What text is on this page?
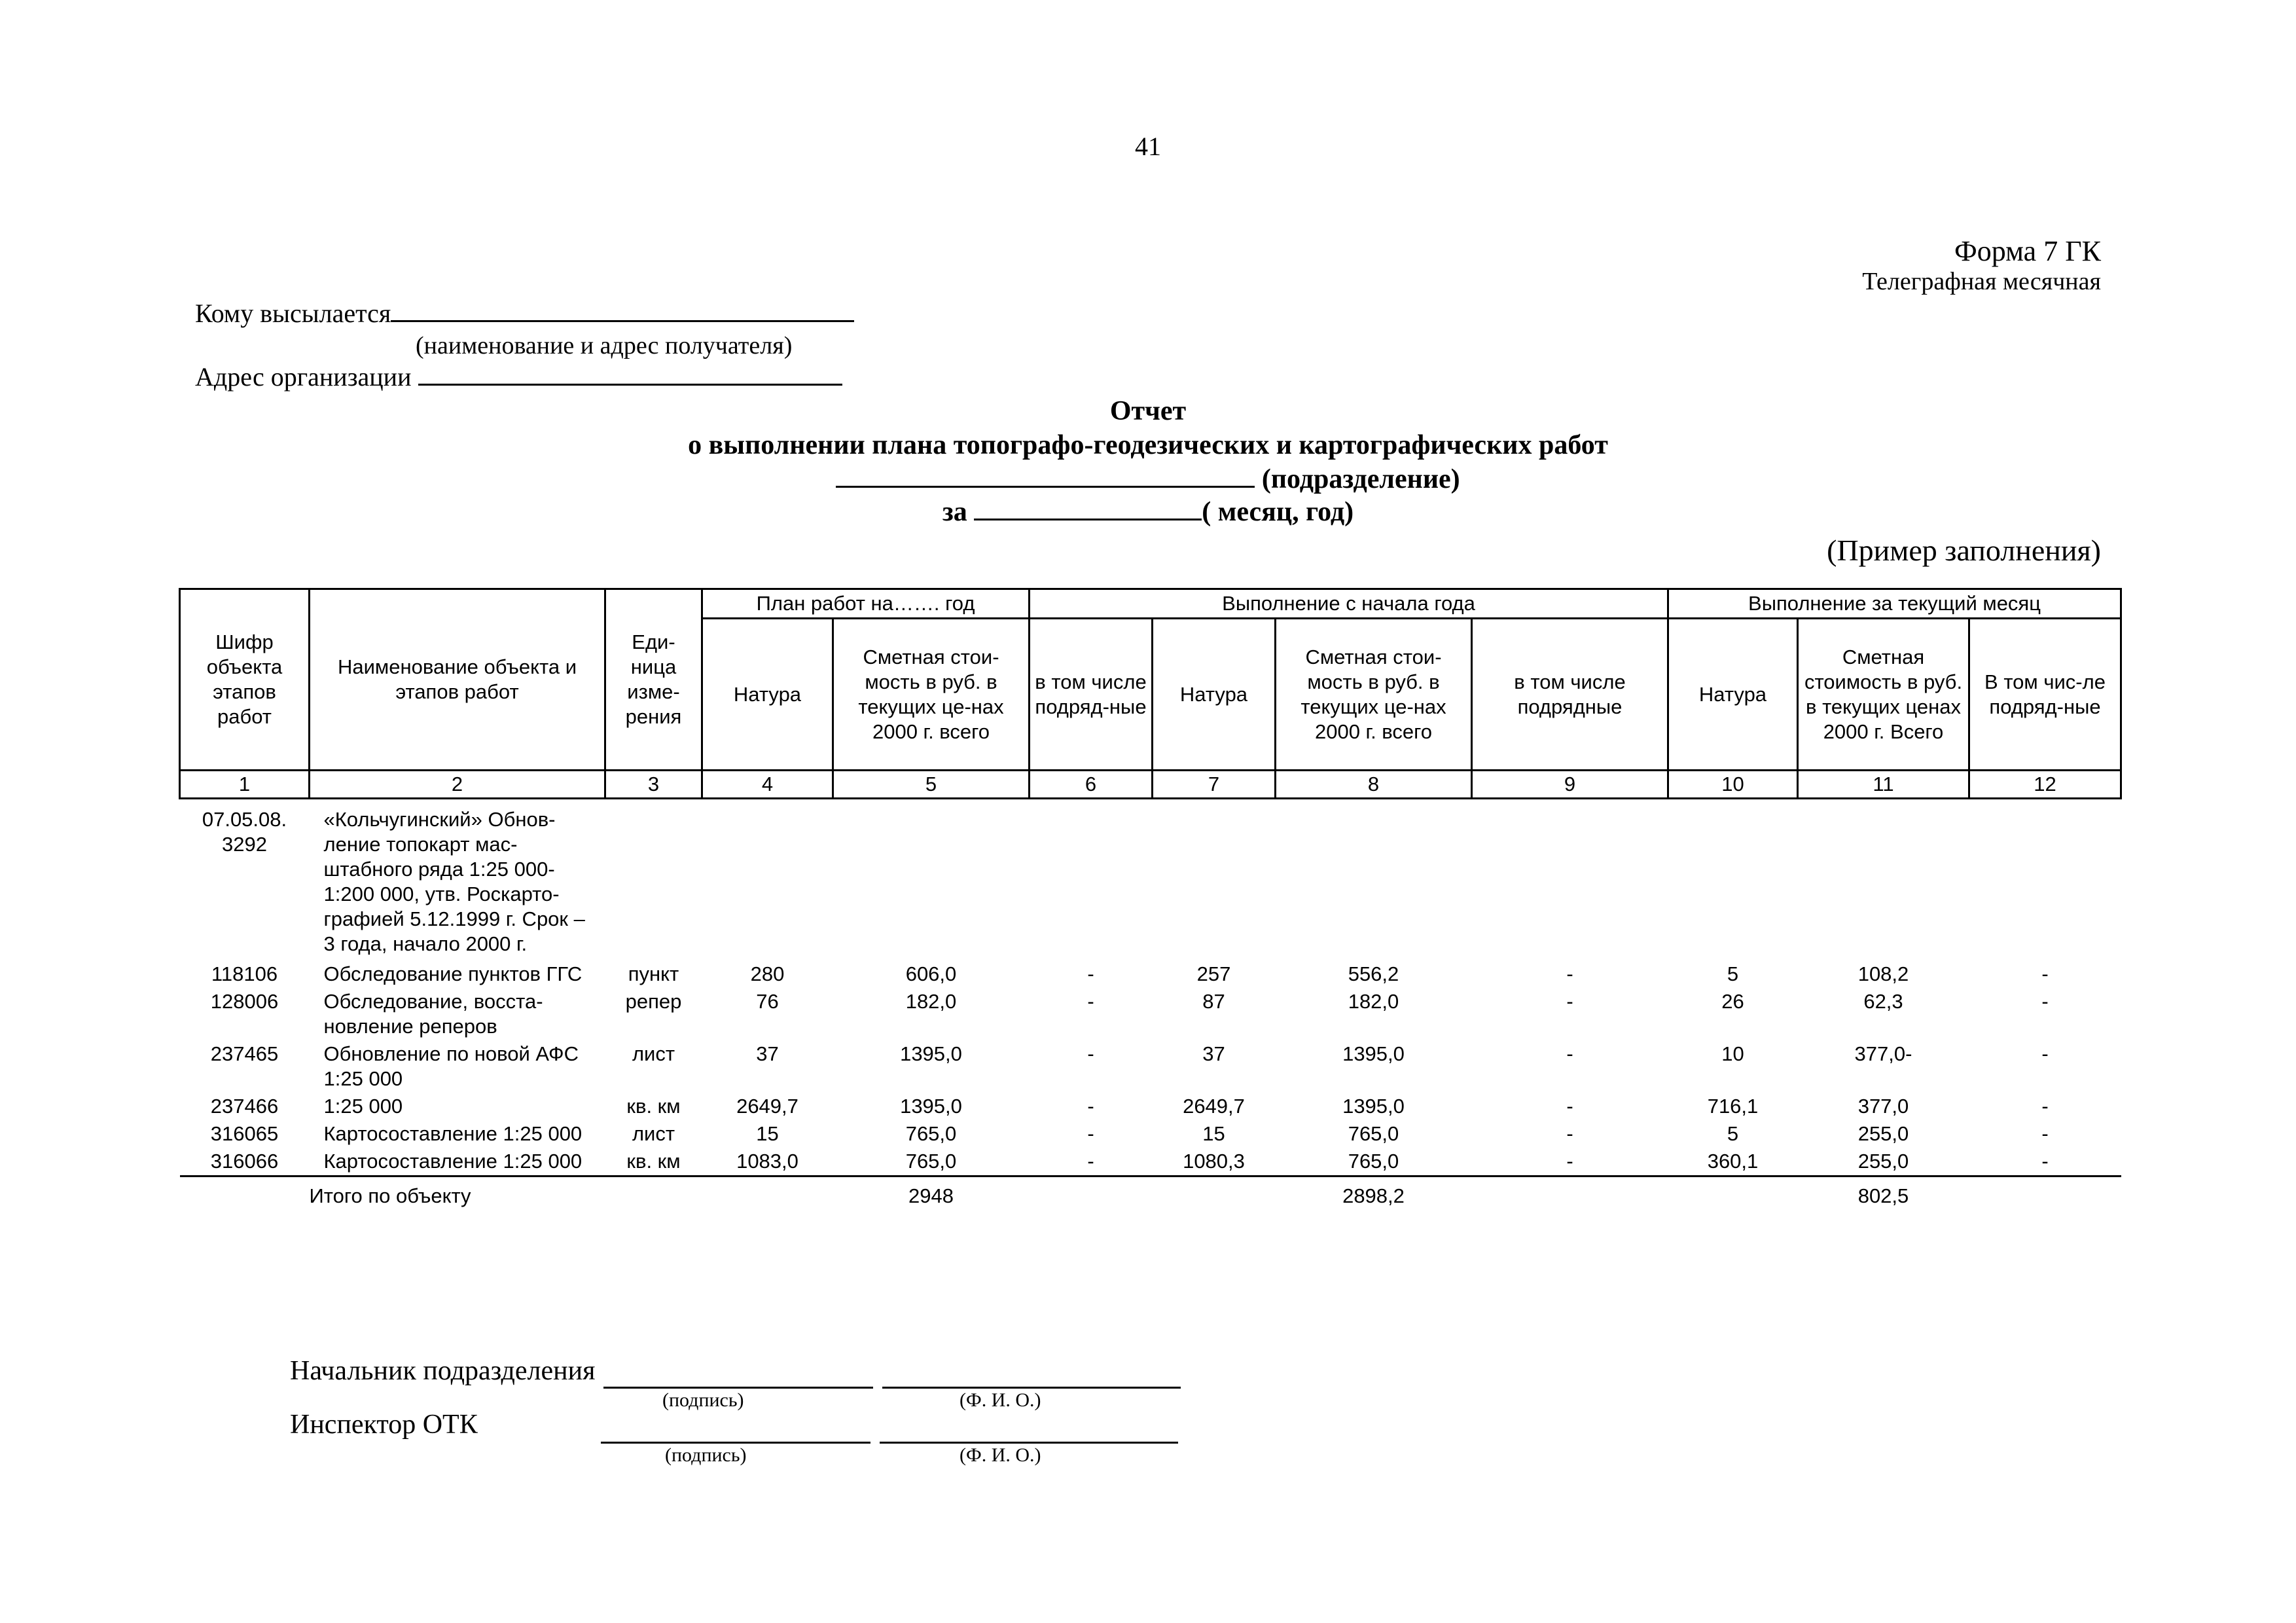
41
Форма 7 ГК
Телеграфная месячная
Кому высылается
(наименование и адрес получателя)
Адрес организации
Отчет
о выполнении плана топографо-геодезических и картографических работ
(подразделение)
за	( месяц, год)
(Пример заполнения)
Шифр объекта этапов работ	Наименование объекта и этапов работ	Еди-ница изме-рения	План работ на……. год		Выполнение с начала года				Выполнение за текущий месяц		
			Натура	Сметная стои-мость в руб. в текущих це-нах 2000 г. всего	в том числе подряд-ные	Натура	Сметная стои-мость в руб. в текущих це-нах 2000 г. всего	в том числе подрядные	Натура	Сметная стоимость в руб. в текущих ценах 2000 г. Всего	В том чис-ле подряд-ные
1	2	3	4	5	6	7	8	9	10	11	12
07.05.08. 3292	«Кольчугинский» Обнов-ление топокарт мас-штабного ряда 1:25 000-1:200 000, утв. Роскарто-графией 5.12.1999 г. Срок – 3 года, начало 2000 г.										
118106	Обследование пунктов ГГС	пункт	280	606,0	-	257	556,2	-	5	108,2	-
128006	Обследование, восста-новление реперов	репер	76	182,0	-	87	182,0	-	26	62,3	-
237465	Обновление по новой АФС 1:25 000	лист	37	1395,0	-	37	1395,0	-	10	377,0-	-
237466	1:25 000	кв. км	2649,7	1395,0	-	2649,7	1395,0	-	716,1	377,0	-
316065	Картосоставление 1:25 000	лист	15	765,0	-	15	765,0	-	5	255,0	-
316066	Картосоставление 1:25 000	кв. км	1083,0	765,0	-	1080,3	765,0	-	360,1	255,0	-
	Итого по объекту			2948			2898,2			802,5	
Начальник подразделения
(подпись)	(Ф. И. О.)
Инспектор ОТК
(подпись)	(Ф. И. О.)
